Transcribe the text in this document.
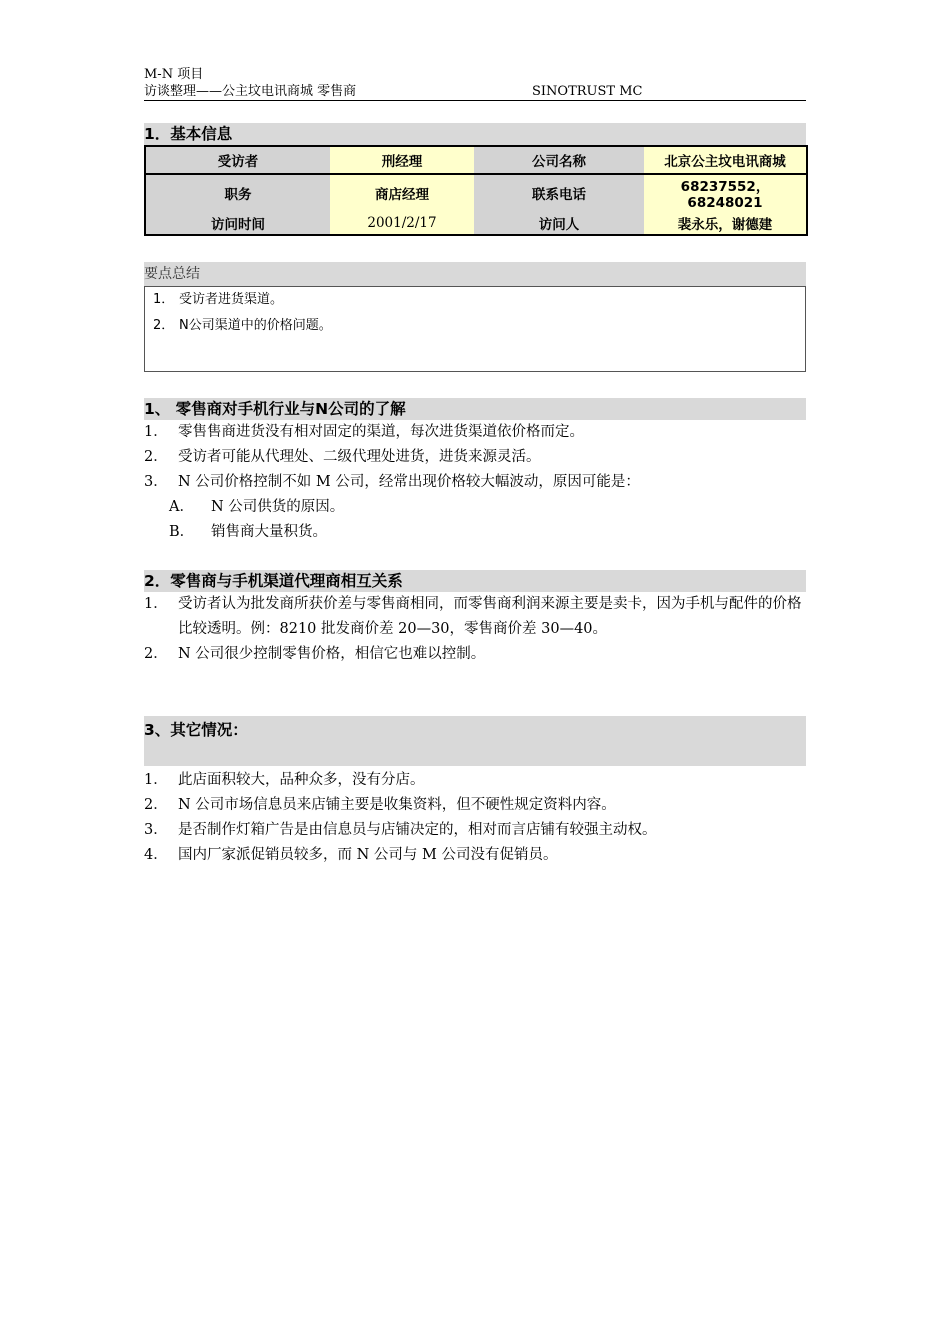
M-N 项目
访谈整理——公主坟电讯商城 零售商	SINOTRUST MC
1．基本信息
受访者	刑经理	公司名称	北京公主坟电讯商城
职务	商店经理	联系电话	68237552，68248021
访问时间	2001/2/17	访问人	裴永乐，谢德建
要点总结
1． 受访者进货渠道。
2． N公司渠道中的价格问题。
1、 零售商对手机行业与N公司的了解
1． 零售售商进货没有相对固定的渠道，每次进货渠道依价格而定。
2． 受访者可能从代理处、二级代理处进货，进货来源灵活。
3． N 公司价格控制不如 M 公司，经常出现价格较大幅波动，原因可能是：
A．	N 公司供货的原因。
B．	销售商大量积货。
2．零售商与手机渠道代理商相互关系
1． 受访者认为批发商所获价差与零售商相同，而零售商利润来源主要是卖卡，因为手机与配件的价格比较透明。例：8210 批发商价差 20—30，零售商价差 30—40。
2． N 公司很少控制零售价格，相信它也难以控制。
3、其它情况：
1． 此店面积较大，品种众多，没有分店。
2． N 公司市场信息员来店铺主要是收集资料，但不硬性规定资料内容。
3． 是否制作灯箱广告是由信息员与店铺决定的，相对而言店铺有较强主动权。
4． 国内厂家派促销员较多，而 N 公司与 M 公司没有促销员。
